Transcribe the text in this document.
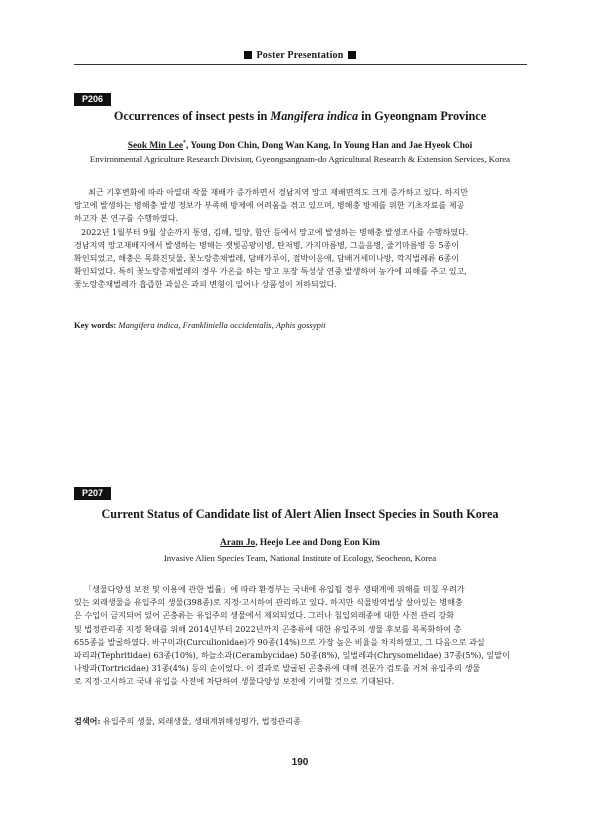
Poster Presentation
P206
Occurrences of insect pests in Mangifera indica in Gyeongnam Province
Seok Min Lee*, Young Don Chin, Dong Wan Kang, In Young Han and Jae Hyeok Choi
Environmental Agriculture Research Division, Gyeongsangnam-do Agricultural Research & Extension Services, Korea

최근 기후변화에 따라 아열대 작물 재배가 증가하면서 경남지역 망고 재배면적도 크게 증가하고 있다. 하지만
망고에 발생하는 병해충 발생 정보가 부족해 방제에 어려움을 겪고 있으며, 병해충 방제를 위한 기초자료를 제공
하고자 본 연구를 수행하였다.
2022년 1월부터 9월 상순까지 통영, 김해, 밀양, 함안 등에서 망고에 발생하는 병해충 발생조사를 수행하였다.
경남지역 망고재배지에서 발생하는 병해는 잿빛곰팡이병, 탄저병, 가지마름병, 그을음병, 줄기마름병 등 5종이
확인되었고, 해충은 목화진딧물, 꽃노랑총채벌레, 담배가루이, 점박이응애, 담배거세미나방, 깍지벌레류 6종이
확인되었다. 특히 꽃노랑총채벌레의 경우 가온을 하는 망고 포장 특성상 연중 발생하여 농가에 피해를 주고 있고,
꽃노랑총채벌레가 흡즙한 과실은 과피 변형이 일어나 상품성이 저하되었다.

Key words: Mangifera indica, Frankliniella occidentalis, Aphis gossypii
P207
Current Status of Candidate list of Alert Alien Insect Species in South Korea
Aram Jo, Heejo Lee and Dong Eon Kim
Invasive Alien Species Team, National Institute of Ecology, Seocheon, Korea

「생물다양성 보전 및 이용에 관한 법률」에 따라 환경부는 국내에 유입될 경우 생태계에 위해를 미칠 우려가
있는 외래생물을 유입주의 생물(398종)로 지정·고시하여 관리하고 있다. 하지만 식물방역법상 살아있는 병해충
은 수입이 금지되어 있어 곤충류는 유입주의 생물에서 제외되었다. 그러나 침입외래종에 대한 사전 관리 강화
및 법정관리종 지정 확대를 위해 2014년부터 2022년까지 곤충류에 대한 유입주의 생물 후보를 목록화하여 총
655종을 발굴하였다. 바구미과(Curculionidae)가 90종(14%)으로 가장 높은 비율을 차지하였고, 그 다음으로 과실
파리과(Tephritidae) 63종(10%), 하늘소과(Cerambycidae) 50종(8%), 잎벌레과(Chrysomelidae) 37종(5%), 잎말이
나방과(Tortricidae) 31종(4%) 등의 순이었다. 이 결과로 발굴된 곤충류에 대해 전문가 검토를 거쳐 유입주의 생물
로 지정·고시하고 국내 유입을 사전에 차단하여 생물다양성 보전에 기여할 것으로 기대된다.

검색어: 유입주의 생물, 외래생물, 생태계위해성평가, 법정관리종
190
